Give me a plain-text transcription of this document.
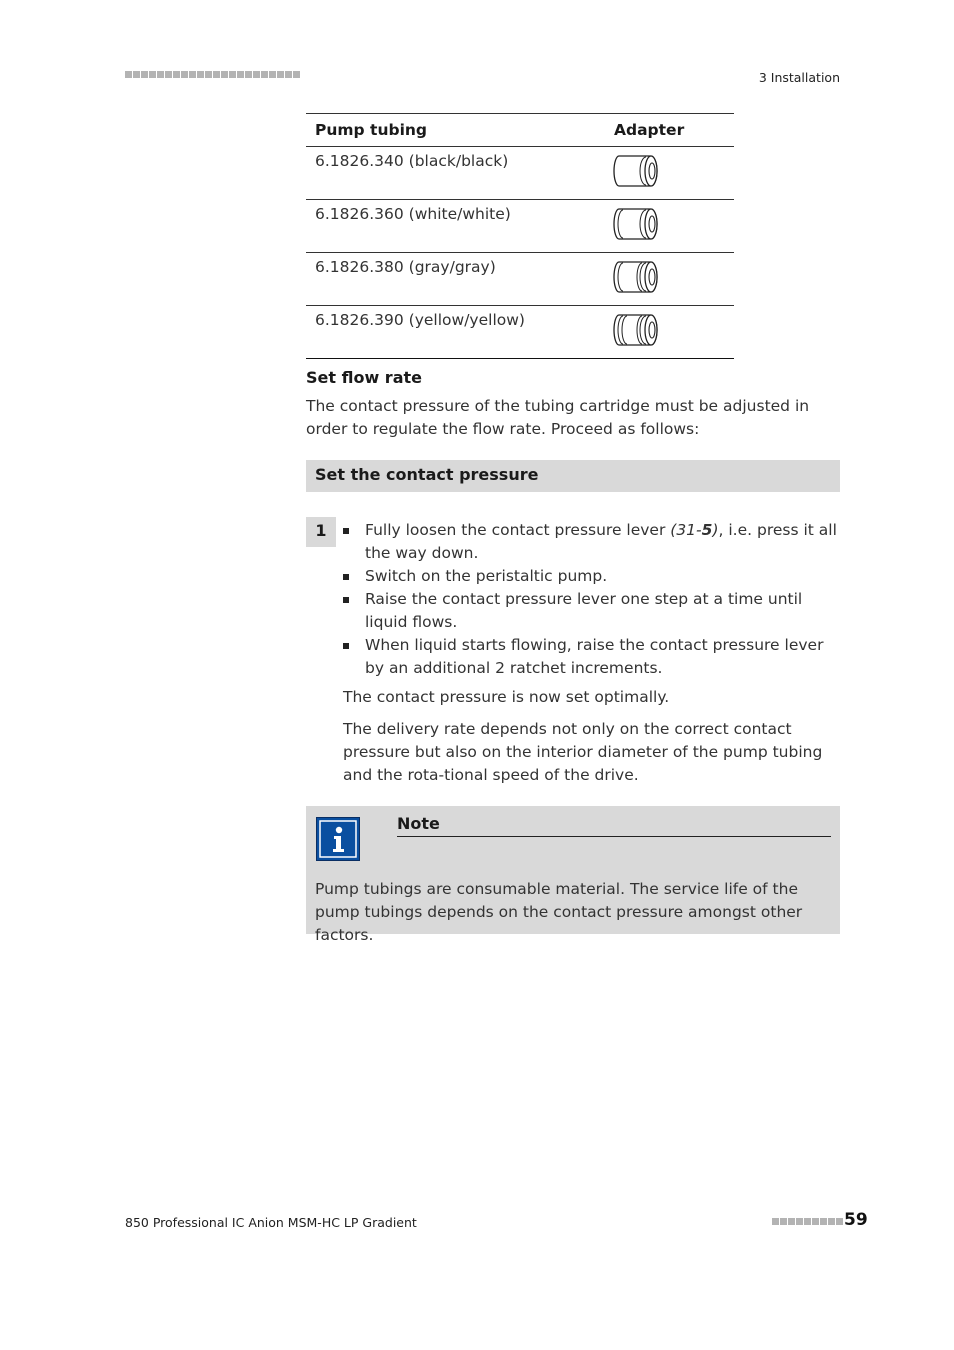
3 Installation
Pump tubing	Adapter
6.1826.340 (black/black)	
6.1826.360 (white/white)	
6.1826.380 (gray/gray)	
6.1826.390 (yellow/yellow)	
Set flow rate
The contact pressure of the tubing cartridge must be adjusted in order to regulate the flow rate. Proceed as follows:
Set the contact pressure
1	Fully loosen the contact pressure lever (31-5), i.e. press it all the way down.
Switch on the peristaltic pump.
Raise the contact pressure lever one step at a time until liquid flows.
When liquid starts flowing, raise the contact pressure lever by an additional 2 ratchet increments.
The contact pressure is now set optimally.
The delivery rate depends not only on the correct contact pressure but also on the interior diameter of the pump tubing and the rota-tional speed of the drive.
Note
Pump tubings are consumable material. The service life of the pump tubings depends on the contact pressure amongst other factors.
850 Professional IC Anion MSM-HC LP Gradient	59
